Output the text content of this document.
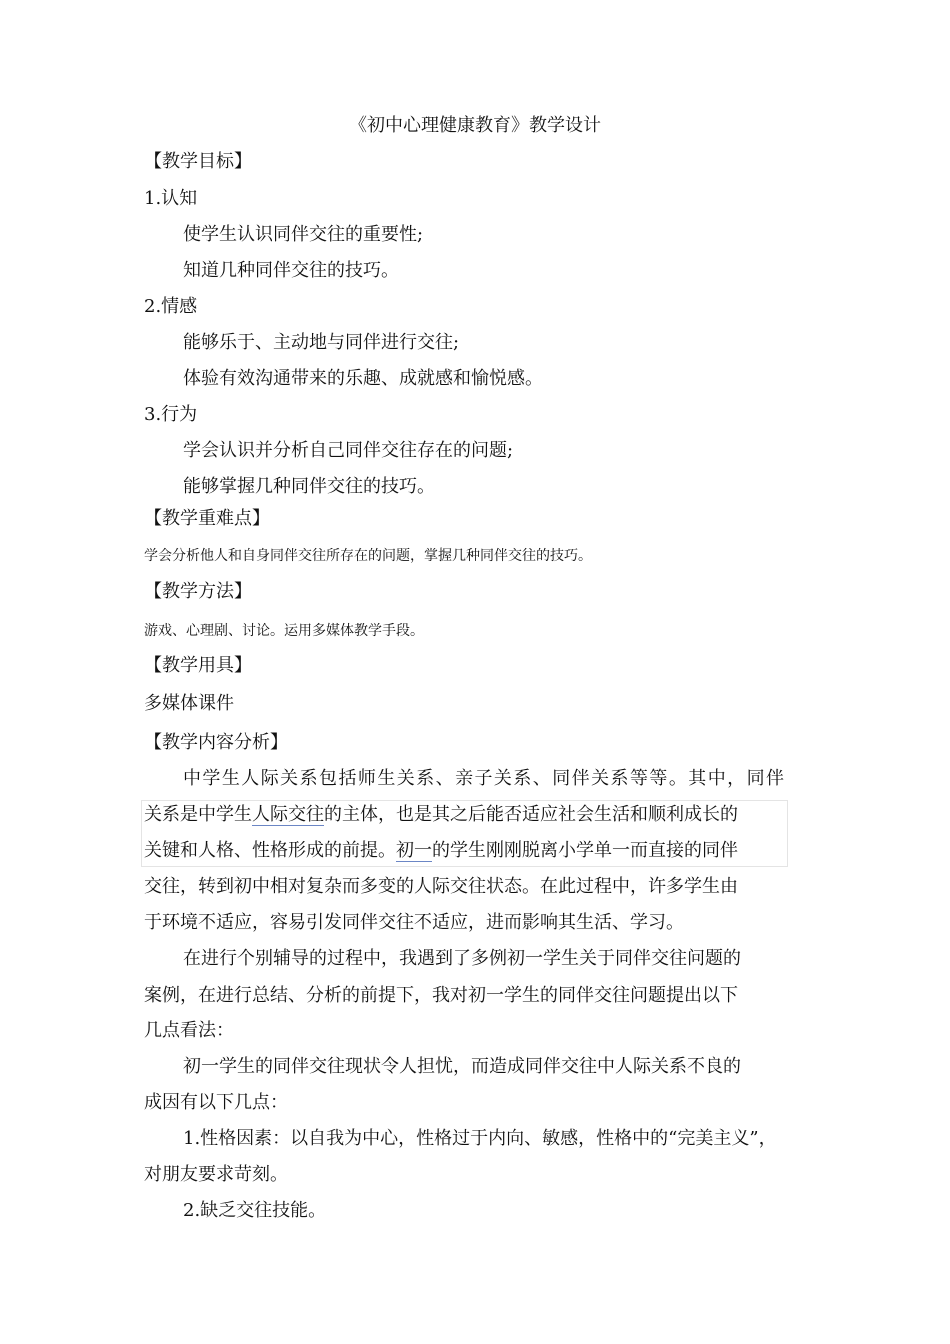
《初中心理健康教育》教学设计
【教学目标】
1.认知
使学生认识同伴交往的重要性;
知道几种同伴交往的技巧。
2.情感
能够乐于、主动地与同伴进行交往;
体验有效沟通带来的乐趣、成就感和愉悦感。
3.行为
学会认识并分析自己同伴交往存在的问题;
能够掌握几种同伴交往的技巧。
【教学重难点】
学会分析他人和自身同伴交往所存在的问题，掌握几种同伴交往的技巧。
【教学方法】
游戏、心理剧、讨论。运用多媒体教学手段。
【教学用具】
多媒体课件
【教学内容分析】
中学生人际关系包括师生关系、亲子关系、同伴关系等等。其中，同伴
关系是中学生人际交往的主体，也是其之后能否适应社会生活和顺利成长的
关键和人格、性格形成的前提。初一的学生刚刚脱离小学单一而直接的同伴
交往，转到初中相对复杂而多变的人际交往状态。在此过程中，许多学生由
于环境不适应，容易引发同伴交往不适应，进而影响其生活、学习。
在进行个别辅导的过程中，我遇到了多例初一学生关于同伴交往问题的
案例，在进行总结、分析的前提下，我对初一学生的同伴交往问题提出以下
几点看法：
初一学生的同伴交往现状令人担忧，而造成同伴交往中人际关系不良的
成因有以下几点：
1.性格因素：以自我为中心，性格过于内向、敏感，性格中的“完美主义”，
对朋友要求苛刻。
2.缺乏交往技能。
